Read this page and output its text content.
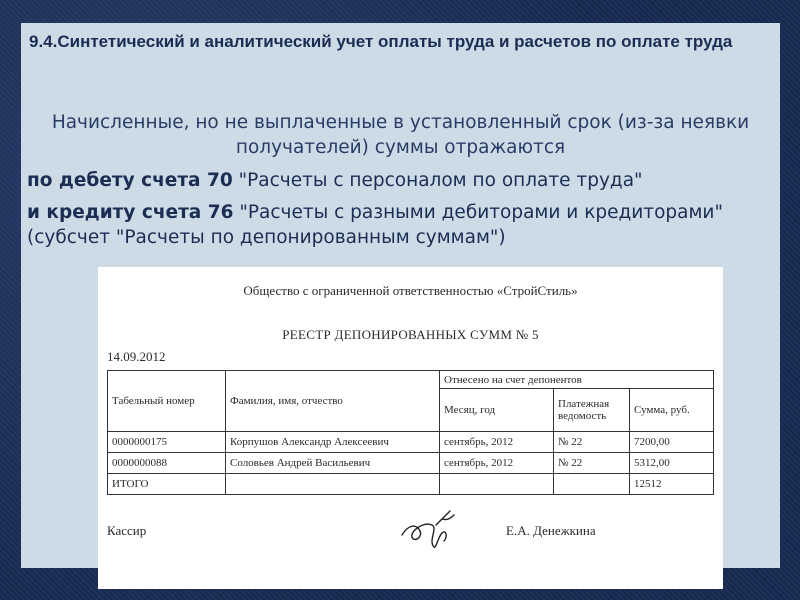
9.4.Синтетический и аналитический учет оплаты труда и расчетов по оплате труда

Начисленные, но не выплаченные в установленный срок (из-за неявки получателей) суммы отражаются

по дебету счета 70 "Расчеты с персоналом по оплате труда"

и кредиту счета 76 "Расчеты с разными дебиторами и кредиторами" (субсчет "Расчеты по депонированным суммам")

Общество с ограниченной ответственностью «СтройСтиль»
РЕЕСТР ДЕПОНИРОВАННЫХ СУММ № 5
14.09.2012
Табельный номер	Фамилия, имя, отчество	Отнесено на счет депонентов		
		Месяц, год	Платежная ведомость	Сумма, руб.
0000000175	Корпушов Александр Алексеевич	сентябрь, 2012	№ 22	7200,00
0000000088	Соловьев Андрей Васильевич	сентябрь, 2012	№ 22	5312,00
ИТОГО				12512
Кассир	Е.А. Денежкина
